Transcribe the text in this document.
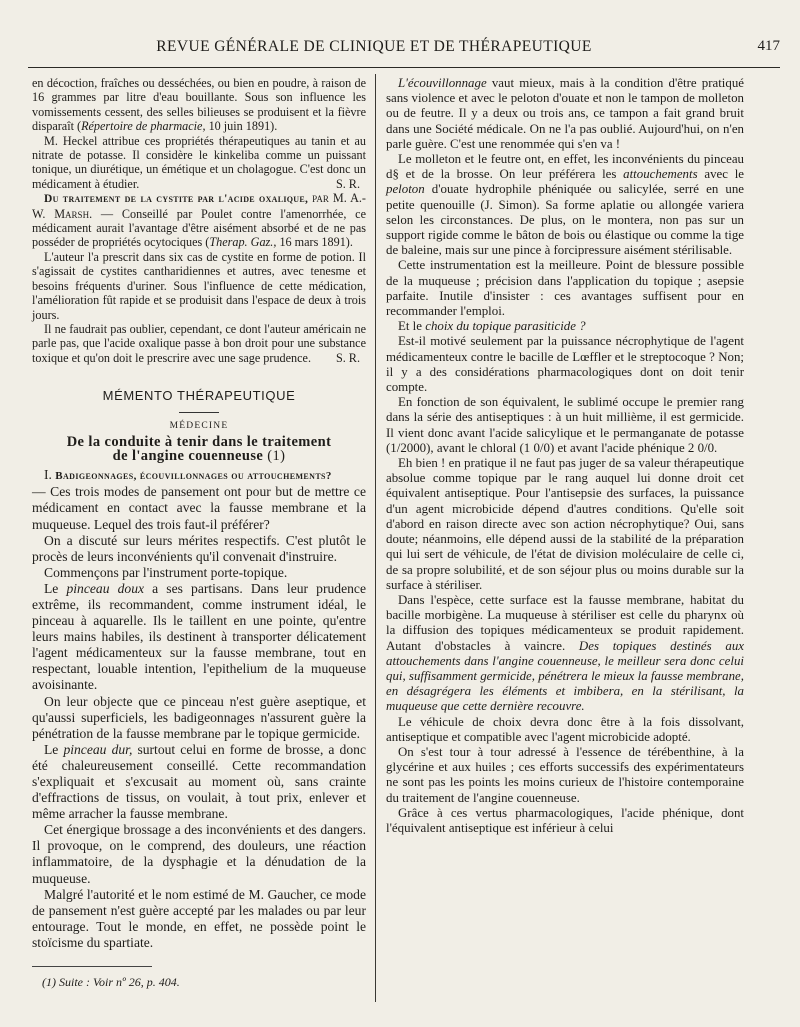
REVUE GÉNÉRALE DE CLINIQUE ET DE THÉRAPEUTIQUE	417

en décoction, fraîches ou desséchées, ou bien en poudre, à raison de 16 grammes par litre d'eau bouillante. Sous son influence les vomissements cessent, des selles bilieuses se produisent et la fièvre disparaît (Répertoire de pharmacie, 10 juin 1891).

M. Heckel attribue ces propriétés thérapeutiques au tanin et au nitrate de potasse. Il considère le kinkeliba comme un puissant tonique, un diurétique, un émétique et un cholagogue. C'est donc un médicament à étudier.	S. R.

Du traitement de la cystite par l'acide oxalique, par M. A.-W. Marsh. — Conseillé par Poulet contre l'amenorrhée, ce médicament aurait l'avantage d'être aisément absorbé et de ne pas posséder de propriétés ocytociques (Therap. Gaz., 16 mars 1891).

L'auteur l'a prescrit dans six cas de cystite en forme de potion. Il s'agissait de cystites cantharidiennes et autres, avec tenesme et besoins fréquents d'uriner. Sous l'influence de cette médication, l'amélioration fût rapide et se produisit dans l'espace de deux à trois jours.

Il ne faudrait pas oublier, cependant, ce dont l'auteur américain ne parle pas, que l'acide oxalique passe à bon droit pour une substance toxique et qu'on doit le prescrire avec une sage prudence.	S. R.

MÉMENTO THÉRAPEUTIQUE
MÉDECINE
De la conduite à tenir dans le traitement
de l'angine couenneuse (1)

I. Badigeonnages, écouvillonnages ou attouchements?

— Ces trois modes de pansement ont pour but de mettre ce médicament en contact avec la fausse membrane et la muqueuse. Lequel des trois faut-il préférer?

On a discuté sur leurs mérites respectifs. C'est plutôt le procès de leurs inconvénients qu'il convenait d'instruire.

Commençons par l'instrument porte-topique.

Le pinceau doux a ses partisans. Dans leur prudence extrême, ils recommandent, comme instrument idéal, le pinceau à aquarelle. Ils le taillent en une pointe, qu'entre leurs mains habiles, ils destinent à transporter délicatement l'agent médicamenteux sur la fausse membrane, tout en respectant, louable intention, l'epithelium de la muqueuse avoisinante.

On leur objecte que ce pinceau n'est guère aseptique, et qu'aussi superficiels, les badigeonnages n'assurent guère la pénétration de la fausse membrane par le topique germicide.

Le pinceau dur, surtout celui en forme de brosse, a donc été chaleureusement conseillé. Cette recommandation s'expliquait et s'excusait au moment où, sans crainte d'effractions de tissus, on voulait, à tout prix, enlever et même arracher la fausse membrane.

Cet énergique brossage a des inconvénients et des dangers. Il provoque, on le comprend, des douleurs, une réaction inflammatoire, de la dysphagie et la dénudation de la muqueuse.

Malgré l'autorité et le nom estimé de M. Gaucher, ce mode de pansement n'est guère accepté par les malades ou par leur entourage. Tout le monde, en effet, ne possède point le stoïcisme du spartiate.

(1) Suite : Voir nº 26, p. 404.

L'écouvillonnage vaut mieux, mais à la condition d'être pratiqué sans violence et avec le peloton d'ouate et non le tampon de molleton ou de feutre. Il y a deux ou trois ans, ce tampon a fait grand bruit dans une Société médicale. On ne l'a pas oublié. Aujourd'hui, on n'en parle guère. C'est une renommée qui s'en va !

Le molleton et le feutre ont, en effet, les inconvénients du pinceau d§ et de la brosse. On leur préférera les attouchements avec le peloton d'ouate hydrophile phéniquée ou salicylée, serré en une petite quenouille (J. Simon). Sa forme aplatie ou allongée variera selon les circonstances. De plus, on le montera, non pas sur un support rigide comme le bâton de bois ou élastique ou comme la tige de baleine, mais sur une pince à forcipressure aisément stérilisable.

Cette instrumentation est la meilleure. Point de blessure possible de la muqueuse ; précision dans l'application du topique ; asepsie parfaite. Inutile d'insister : ces avantages suffisent pour en recommander l'emploi.

Et le choix du topique parasiticide ?

Est-il motivé seulement par la puissance nécrophytique de l'agent médicamenteux contre le bacille de Lœffler et le streptocoque ? Non; il y a des considérations pharmacologiques dont on doit tenir compte.

En fonction de son équivalent, le sublimé occupe le premier rang dans la série des antiseptiques : à un huit millième, il est germicide. Il vient donc avant l'acide salicylique et le permanganate de potasse (1/2000), avant le chloral (1 0/0) et avant l'acide phénique 2 0/0.

Eh bien ! en pratique il ne faut pas juger de sa valeur thérapeutique absolue comme topique par le rang auquel lui donne droit cet équivalent antiseptique. Pour l'antisepsie des surfaces, la puissance d'un agent microbicide dépend d'autres conditions. Qu'elle soit d'abord en raison directe avec son action nécrophytique? Oui, sans doute; néanmoins, elle dépend aussi de la stabilité de la préparation qui lui sert de véhicule, de l'état de division moléculaire de celle ci, de sa propre solubilité, et de son séjour plus ou moins durable sur la surface à stériliser.

Dans l'espèce, cette surface est la fausse membrane, habitat du bacille morbigène. La muqueuse à stériliser est celle du pharynx où la diffusion des topiques médicamenteux se produit rapidement. Autant d'obstacles à vaincre. Des topiques destinés aux attouchements dans l'angine couenneuse, le meilleur sera donc celui qui, suffisamment germicide, pénétrera le mieux la fausse membrane, en désagrégera les éléments et imbibera, en la stérilisant, la muqueuse que cette dernière recouvre.

Le véhicule de choix devra donc être à la fois dissolvant, antiseptique et compatible avec l'agent microbicide adopté.

On s'est tour à tour adressé à l'essence de térébenthine, à la glycérine et aux huiles ; ces efforts successifs des expérimentateurs ne sont pas les points les moins curieux de l'histoire contemporaine du traitement de l'angine couenneuse.

Grâce à ces vertus pharmacologiques, l'acide phénique, dont l'équivalent antiseptique est inférieur à celui
